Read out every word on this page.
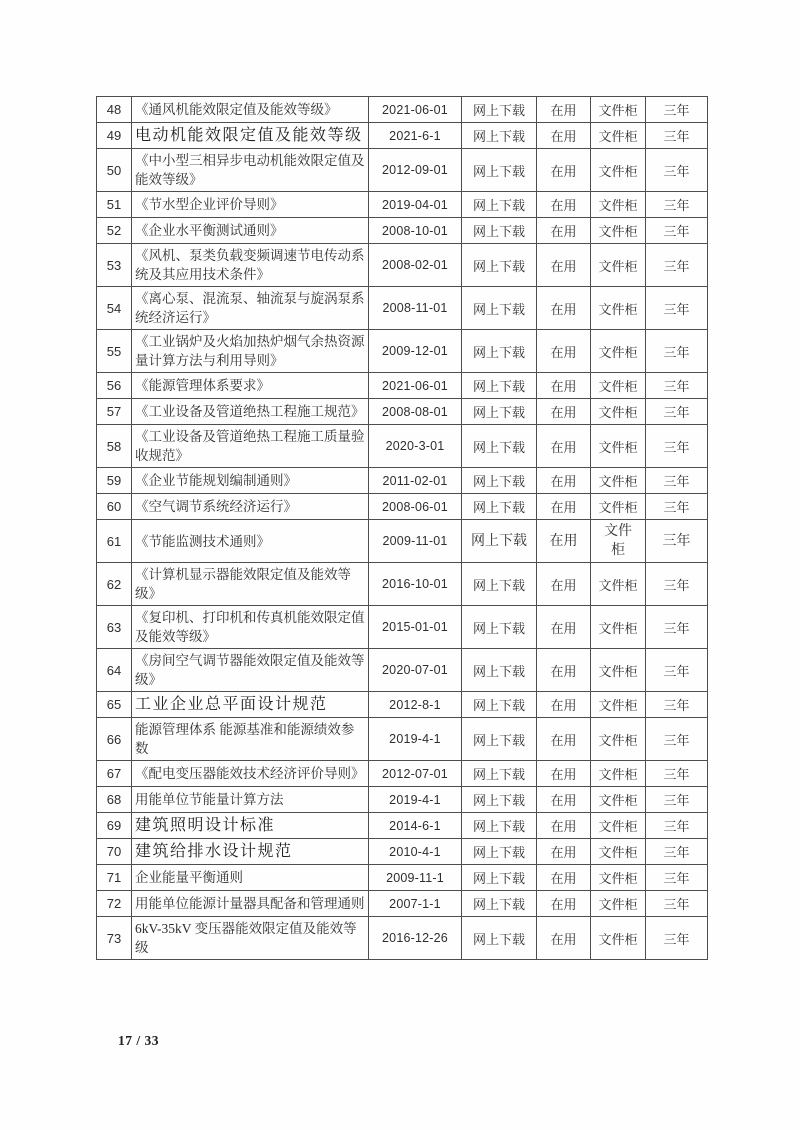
48	《通风机能效限定值及能效等级》	2021-06-01	网上下载	在用	文件柜	三年
49	电动机能效限定值及能效等级	2021-6-1	网上下载	在用	文件柜	三年
50	《中小型三相异步电动机能效限定值及能效等级》	2012-09-01	网上下载	在用	文件柜	三年
51	《节水型企业评价导则》	2019-04-01	网上下载	在用	文件柜	三年
52	《企业水平衡测试通则》	2008-10-01	网上下载	在用	文件柜	三年
53	《风机、泵类负载变频调速节电传动系统及其应用技术条件》	2008-02-01	网上下载	在用	文件柜	三年
54	《离心泵、混流泵、轴流泵与旋涡泵系统经济运行》	2008-11-01	网上下载	在用	文件柜	三年
55	《工业锅炉及火焰加热炉烟气余热资源量计算方法与利用导则》	2009-12-01	网上下载	在用	文件柜	三年
56	《能源管理体系要求》	2021-06-01	网上下载	在用	文件柜	三年
57	《工业设备及管道绝热工程施工规范》	2008-08-01	网上下载	在用	文件柜	三年
58	《工业设备及管道绝热工程施工质量验收规范》	2020-3-01	网上下载	在用	文件柜	三年
59	《企业节能规划编制通则》	2011-02-01	网上下载	在用	文件柜	三年
60	《空气调节系统经济运行》	2008-06-01	网上下载	在用	文件柜	三年
61	《节能监测技术通则》	2009-11-01	网上下载	在用	文件柜	三年
62	《计算机显示器能效限定值及能效等级》	2016-10-01	网上下载	在用	文件柜	三年
63	《复印机、打印机和传真机能效限定值及能效等级》	2015-01-01	网上下载	在用	文件柜	三年
64	《房间空气调节器能效限定值及能效等级》	2020-07-01	网上下载	在用	文件柜	三年
65	工业企业总平面设计规范	2012-8-1	网上下载	在用	文件柜	三年
66	能源管理体系 能源基准和能源绩效参数	2019-4-1	网上下载	在用	文件柜	三年
67	《配电变压器能效技术经济评价导则》	2012-07-01	网上下载	在用	文件柜	三年
68	用能单位节能量计算方法	2019-4-1	网上下载	在用	文件柜	三年
69	建筑照明设计标准	2014-6-1	网上下载	在用	文件柜	三年
70	建筑给排水设计规范	2010-4-1	网上下载	在用	文件柜	三年
71	企业能量平衡通则	2009-11-1	网上下载	在用	文件柜	三年
72	用能单位能源计量器具配备和管理通则	2007-1-1	网上下载	在用	文件柜	三年
73	6kV-35kV 变压器能效限定值及能效等级	2016-12-26	网上下载	在用	文件柜	三年
17 / 33
